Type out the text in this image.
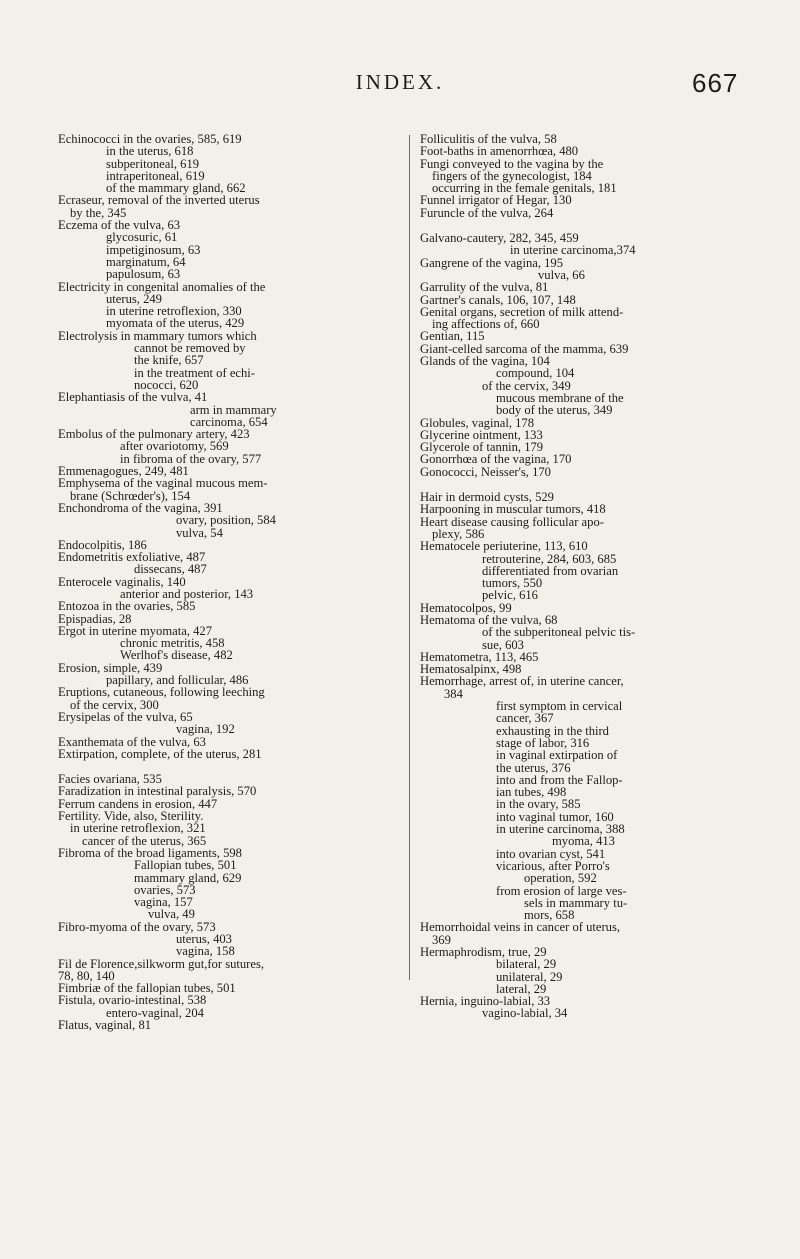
INDEX.	667
Echinococci in the ovaries, 585, 619
in the uterus, 618
subperitoneal, 619
intraperitoneal, 619
of the mammary gland, 662
Ecraseur, removal of the inverted uterus
by the, 345
Eczema of the vulva, 63
glycosuric, 61
impetiginosum, 63
marginatum, 64
papulosum, 63
Electricity in congenital anomalies of the
uterus, 249
in uterine retroflexion, 330
myomata of the uterus, 429
Electrolysis in mammary tumors which
cannot be removed by
the knife, 657
in the treatment of echi-
nococci, 620
Elephantiasis of the vulva, 41
arm in mammary
carcinoma, 654
Embolus of the pulmonary artery, 423
after ovariotomy, 569
in fibroma of the ovary, 577
Emmenagogues, 249, 481
Emphysema of the vaginal mucous mem-
brane (Schrœder's), 154
Enchondroma of the vagina, 391
ovary, position, 584
vulva, 54
Endocolpitis, 186
Endometritis exfoliative, 487
dissecans, 487
Enterocele vaginalis, 140
anterior and posterior, 143
Entozoa in the ovaries, 585
Epispadias, 28
Ergot in uterine myomata, 427
chronic metritis, 458
Werlhof's disease, 482
Erosion, simple, 439
papillary, and follicular, 486
Eruptions, cutaneous, following leeching
of the cervix, 300
Erysipelas of the vulva, 65
vagina, 192
Exanthemata of the vulva, 63
Extirpation, complete, of the uterus, 281
Facies ovariana, 535
Faradization in intestinal paralysis, 570
Ferrum candens in erosion, 447
Fertility. Vide, also, Sterility.
in uterine retroflexion, 321
cancer of the uterus, 365
Fibroma of the broad ligaments, 598
Fallopian tubes, 501
mammary gland, 629
ovaries, 573
vagina, 157
vulva, 49
Fibro-myoma of the ovary, 573
uterus, 403
vagina, 158
Fil de Florence,silkworm gut,for sutures,
78, 80, 140
Fimbriæ of the fallopian tubes, 501
Fistula, ovario-intestinal, 538
entero-vaginal, 204
Flatus, vaginal, 81
Folliculitis of the vulva, 58
Foot-baths in amenorrhœa, 480
Fungi conveyed to the vagina by the
fingers of the gynecologist, 184
occurring in the female genitals, 181
Funnel irrigator of Hegar, 130
Furuncle of the vulva, 264
Galvano-cautery, 282, 345, 459
in uterine carcinoma,374
Gangrene of the vagina, 195
vulva, 66
Garrulity of the vulva, 81
Gartner's canals, 106, 107, 148
Genital organs, secretion of milk attend-
ing affections of, 660
Gentian, 115
Giant-celled sarcoma of the mamma, 639
Glands of the vagina, 104
compound, 104
of the cervix, 349
mucous membrane of the
body of the uterus, 349
Globules, vaginal, 178
Glycerine ointment, 133
Glycerole of tannin, 179
Gonorrhœa of the vagina, 170
Gonococci, Neisser's, 170
Hair in dermoid cysts, 529
Harpooning in muscular tumors, 418
Heart disease causing follicular apo-
plexy, 586
Hematocele periuterine, 113, 610
retrouterine, 284, 603, 685
differentiated from ovarian
tumors, 550
pelvic, 616
Hematocolpos, 99
Hematoma of the vulva, 68
of the subperitoneal pelvic tis-
sue, 603
Hematometra, 113, 465
Hematosalpinx, 498
Hemorrhage, arrest of, in uterine cancer,
384
first symptom in cervical
cancer, 367
exhausting in the third
stage of labor, 316
in vaginal extirpation of
the uterus, 376
into and from the Fallop-
ian tubes, 498
in the ovary, 585
into vaginal tumor, 160
in uterine carcinoma, 388
myoma, 413
into ovarian cyst, 541
vicarious, after Porro's
operation, 592
from erosion of large ves-
sels in mammary tu-
mors, 658
Hemorrhoidal veins in cancer of uterus,
369
Hermaphrodism, true, 29
bilateral, 29
unilateral, 29
lateral, 29
Hernia, inguino-labial, 33
vagino-labial, 34
